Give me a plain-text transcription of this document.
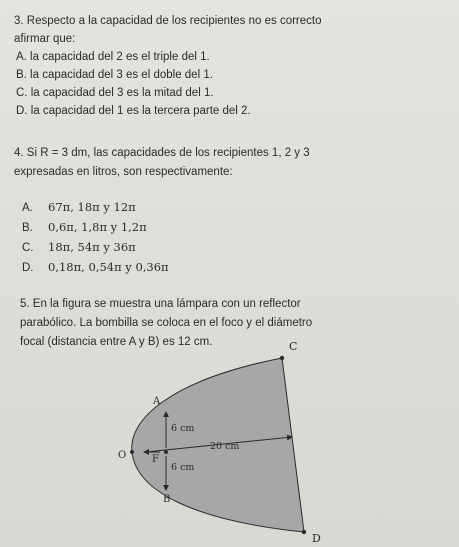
3. Respecto a la capacidad de los recipientes no es correcto
afirmar que:
A. la capacidad del 2 es el triple del 1.
B. la capacidad del 3 es el doble del 1.
C. la capacidad del 3 es la mitad del 1.
D. la capacidad del 1 es la tercera parte del 2.
4. Si R = 3 dm, las capacidades de los recipientes 1, 2 y 3
expresadas en litros, son respectivamente:
A. 67π, 18π y 12π
B. 0,6π, 1,8π y 1,2π
C. 18π, 54π y 36π
D. 0,18π, 0,54π y 0,36π
5. En la figura se muestra una lámpara con un reflector
parabólico. La bombilla se coloca en el foco y el diámetro
focal (distancia entre A y B) es 12 cm.	C
A
O	F
B
D
6 cm
6 cm
20 cm
